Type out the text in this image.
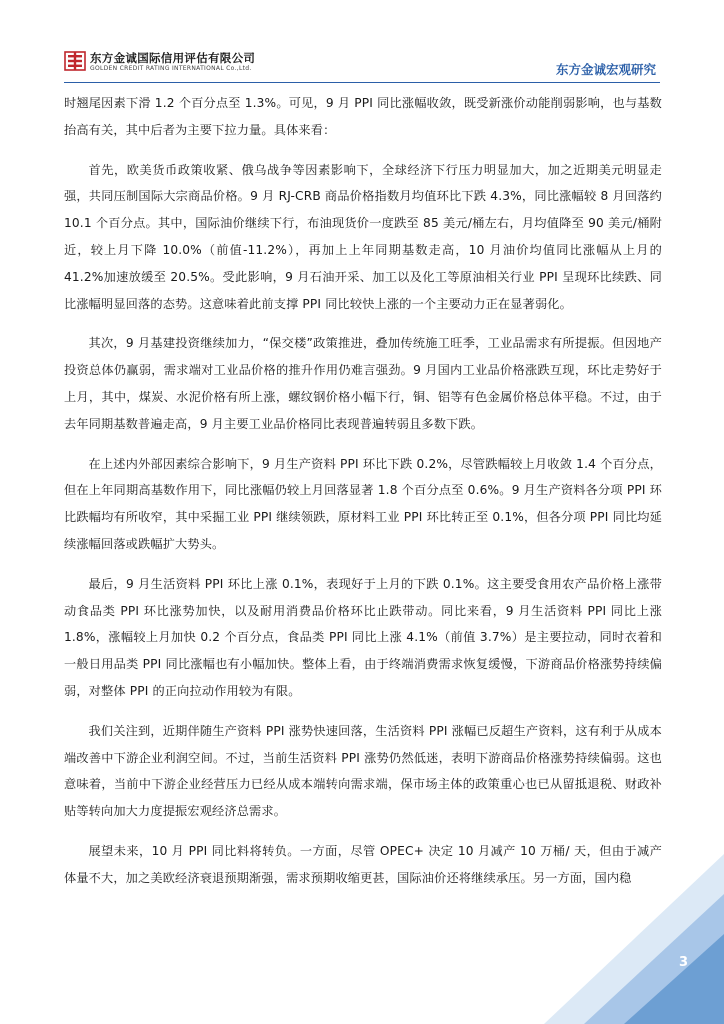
东方金诚国际信用评估有限公司
GOLDEN CREDIT RATING INTERNATIONAL Co.,Ltd.	东方金诚宏观研究

时翘尾因素下滑 1.2 个百分点至 1.3%。可见，9 月 PPI 同比涨幅收敛，既受新涨价动能削弱影响，也与基数抬高有关，其中后者为主要下拉力量。具体来看：

首先，欧美货币政策收紧、俄乌战争等因素影响下，全球经济下行压力明显加大，加之近期美元明显走强，共同压制国际大宗商品价格。9 月 RJ-CRB 商品价格指数月均值环比下跌 4.3%，同比涨幅较 8 月回落约 10.1 个百分点。其中，国际油价继续下行，布油现货价一度跌至 85 美元/桶左右，月均值降至 90 美元/桶附近，较上月下降 10.0%（前值-11.2%），再加上上年同期基数走高，10 月油价均值同比涨幅从上月的 41.2%加速放缓至 20.5%。受此影响，9 月石油开采、加工以及化工等原油相关行业 PPI 呈现环比续跌、同比涨幅明显回落的态势。这意味着此前支撑 PPI 同比较快上涨的一个主要动力正在显著弱化。

其次，9 月基建投资继续加力，“保交楼”政策推进，叠加传统施工旺季，工业品需求有所提振。但因地产投资总体仍赢弱，需求端对工业品价格的推升作用仍难言强劲。9 月国内工业品价格涨跌互现，环比走势好于上月，其中，煤炭、水泥价格有所上涨，螺纹钢价格小幅下行，铜、铝等有色金属价格总体平稳。不过，由于去年同期基数普遍走高，9 月主要工业品价格同比表现普遍转弱且多数下跌。

在上述内外部因素综合影响下，9 月生产资料 PPI 环比下跌 0.2%，尽管跌幅较上月收敛 1.4 个百分点，但在上年同期高基数作用下，同比涨幅仍较上月回落显著 1.8 个百分点至 0.6%。9 月生产资料各分项 PPI 环比跌幅均有所收窄，其中采掘工业 PPI 继续领跌，原材料工业 PPI 环比转正至 0.1%，但各分项 PPI 同比均延续涨幅回落或跌幅扩大势头。

最后，9 月生活资料 PPI 环比上涨 0.1%，表现好于上月的下跌 0.1%。这主要受食用农产品价格上涨带动食品类 PPI 环比涨势加快，以及耐用消费品价格环比止跌带动。同比来看，9 月生活资料 PPI 同比上涨 1.8%，涨幅较上月加快 0.2 个百分点，食品类 PPI 同比上涨 4.1%（前值 3.7%）是主要拉动，同时衣着和一般日用品类 PPI 同比涨幅也有小幅加快。整体上看，由于终端消费需求恢复缓慢，下游商品价格涨势持续偏弱，对整体 PPI 的正向拉动作用较为有限。

我们关注到，近期伴随生产资料 PPI 涨势快速回落，生活资料 PPI 涨幅已反超生产资料，这有利于从成本端改善中下游企业利润空间。不过，当前生活资料 PPI 涨势仍然低迷，表明下游商品价格涨势持续偏弱。这也意味着，当前中下游企业经营压力已经从成本端转向需求端，保市场主体的政策重心也已从留抵退税、财政补贴等转向加大力度提振宏观经济总需求。

展望未来，10 月 PPI 同比料将转负。一方面，尽管 OPEC+ 决定 10 月减产 10 万桶/ 天，但由于减产体量不大，加之美欧经济衰退预期渐强，需求预期收缩更甚，国际油价还将继续承压。另一方面，国内稳

3
